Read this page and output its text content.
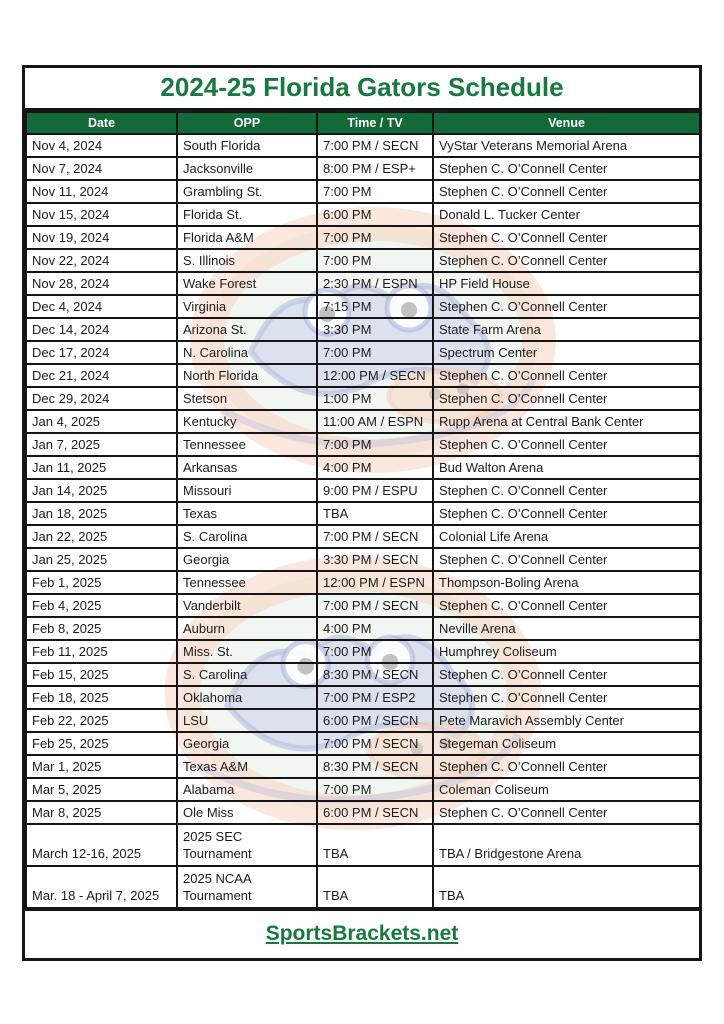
2024-25 Florida Gators Schedule
Date	OPP	Time / TV	Venue
Nov 4, 2024	South Florida	7:00 PM / SECN	VyStar Veterans Memorial Arena
Nov 7, 2024	Jacksonville	8:00 PM / ESP+	Stephen C. O’Connell Center
Nov 11, 2024	Grambling St.	7:00 PM	Stephen C. O’Connell Center
Nov 15, 2024	Florida St.	6:00 PM	Donald L. Tucker Center
Nov 19, 2024	Florida A&M	7:00 PM	Stephen C. O’Connell Center
Nov 22, 2024	S. Illinois	7:00 PM	Stephen C. O’Connell Center
Nov 28, 2024	Wake Forest	2:30 PM / ESPN	HP Field House
Dec 4, 2024	Virginia	7:15 PM	Stephen C. O’Connell Center
Dec 14, 2024	Arizona St.	3:30 PM	State Farm Arena
Dec 17, 2024	N. Carolina	7:00 PM	Spectrum Center
Dec 21, 2024	North Florida	12:00 PM / SECN	Stephen C. O’Connell Center
Dec 29, 2024	Stetson	1:00 PM	Stephen C. O’Connell Center
Jan 4, 2025	Kentucky	11:00 AM / ESPN	Rupp Arena at Central Bank Center
Jan 7, 2025	Tennessee	7:00 PM	Stephen C. O’Connell Center
Jan 11, 2025	Arkansas	4:00 PM	Bud Walton Arena
Jan 14, 2025	Missouri	9:00 PM / ESPU	Stephen C. O’Connell Center
Jan 18, 2025	Texas	TBA	Stephen C. O’Connell Center
Jan 22, 2025	S. Carolina	7:00 PM / SECN	Colonial Life Arena
Jan 25, 2025	Georgia	3:30 PM / SECN	Stephen C. O’Connell Center
Feb 1, 2025	Tennessee	12:00 PM / ESPN	Thompson-Boling Arena
Feb 4, 2025	Vanderbilt	7:00 PM / SECN	Stephen C. O’Connell Center
Feb 8, 2025	Auburn	4:00 PM	Neville Arena
Feb 11, 2025	Miss. St.	7:00 PM	Humphrey Coliseum
Feb 15, 2025	S. Carolina	8:30 PM / SECN	Stephen C. O’Connell Center
Feb 18, 2025	Oklahoma	7:00 PM / ESP2	Stephen C. O’Connell Center
Feb 22, 2025	LSU	6:00 PM / SECN	Pete Maravich Assembly Center
Feb 25, 2025	Georgia	7:00 PM / SECN	Stegeman Coliseum
Mar 1, 2025	Texas A&M	8:30 PM / SECN	Stephen C. O’Connell Center
Mar 5, 2025	Alabama	7:00 PM	Coleman Coliseum
Mar 8, 2025	Ole Miss	6:00 PM / SECN	Stephen C. O’Connell Center
March 12-16, 2025	2025 SEC Tournament	TBA	TBA / Bridgestone Arena
Mar. 18 - April 7, 2025	2025 NCAA Tournament	TBA	TBA
SportsBrackets.net
